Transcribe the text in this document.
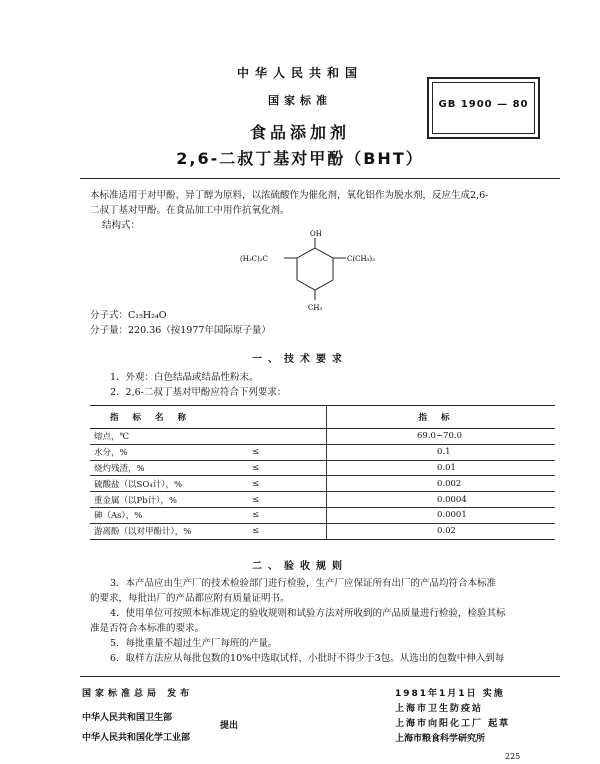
中华人民共和国
国家标准
食品添加剂
2,6-二叔丁基对甲酚（BHT）
GB 1900 — 80
本标准适用于对甲酚、异丁醇为原料，以浓硫酸作为催化剂，氧化铝作为脱水剂，反应生成2,6-
二叔丁基对甲酚。在食品加工中用作抗氧化剂。
结构式：
OH
(H₃C)₃C	C(CH₃)₃
CH₃
分子式：C₁₅H₂₄O
分子量：220.36（按1977年国际原子量）
一、技术要求
1．外观：白色结晶或结晶性粉末。
2．2,6-二叔丁基对甲酚应符合下列要求：
指标名称		指标
熔点，℃		69.0~70.0
水分，%	≤	0.1
烧灼残渣，%	≤	0.01
硫酸盐（以SO₄计），%	≤	0.002
重金属（以Pb计），%	≤	0.0004
砷（As），%	≤	0.0001
游离酚（以对甲酚计），%	≤	0.02
二、验收规则
3．本产品应由生产厂的技术检验部门进行检验，生产厂应保证所有出厂的产品均符合本标准
的要求，每批出厂的产品都应附有质量证明书。
4．使用单位可按照本标准规定的验收规则和试验方法对所收到的产品质量进行检验，检验其标
准是否符合本标准的要求。
5．每批重量不超过生产厂每班的产量。
6．取样方法应从每批包数的10%中选取试样，小批时不得少于3包。从选出的包数中伸入到每
国家标准总局 发布
中华人民共和国卫生部
中华人民共和国化学工业部
提出
1981年1月1日 实施
上海市卫生防疫站
上海市向阳化工厂 起草
上海市粮食科学研究所
225
